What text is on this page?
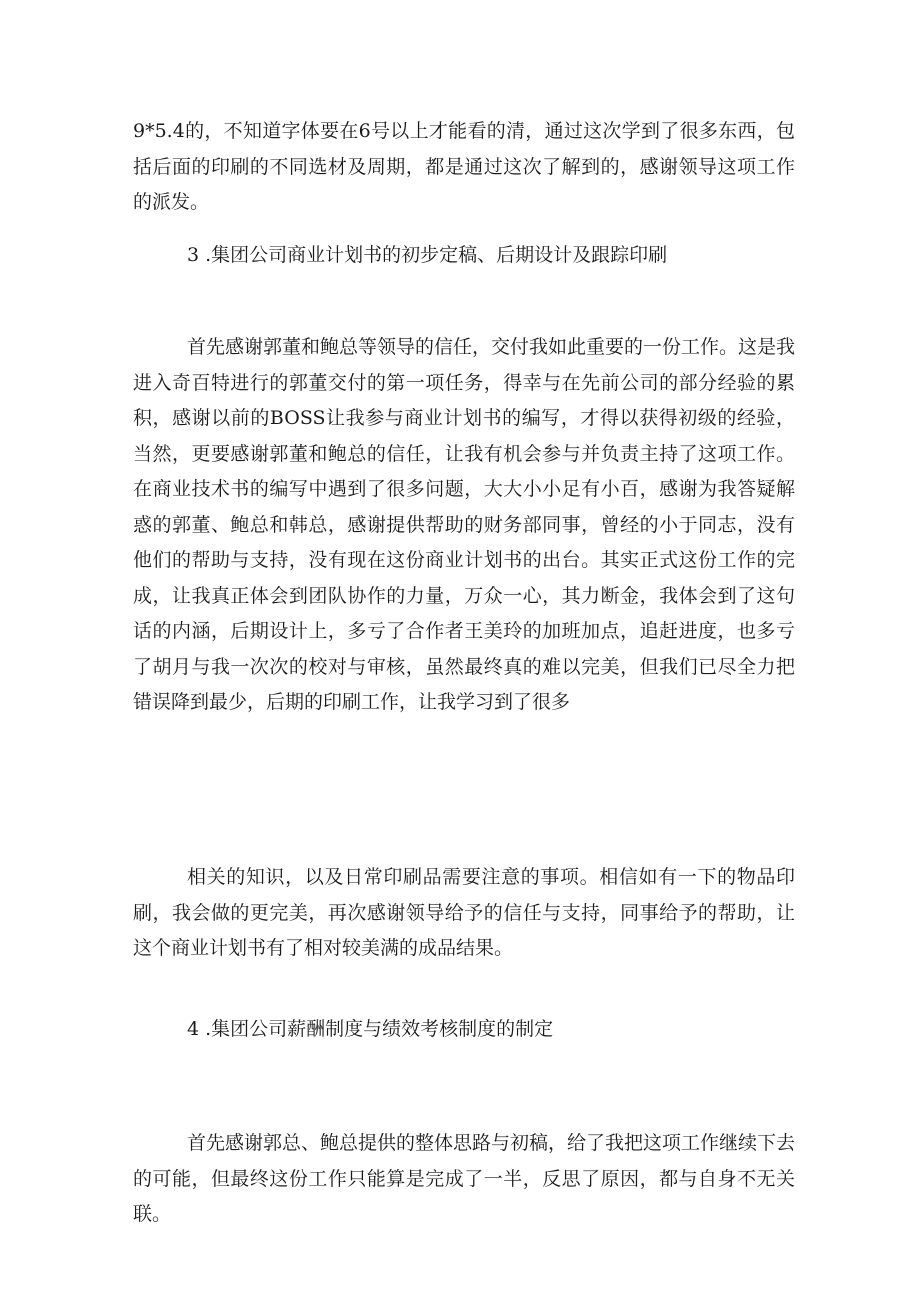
9*5.4的，不知道字体要在6号以上才能看的清，通过这次学到了很多东西，包括后面的印刷的不同选材及周期，都是通过这次了解到的，感谢领导这项工作的派发。

3 .集团公司商业计划书的初步定稿、后期设计及跟踪印刷

首先感谢郭董和鲍总等领导的信任，交付我如此重要的一份工作。这是我进入奇百特进行的郭董交付的第一项任务，得幸与在先前公司的部分经验的累积，感谢以前的BOSS让我参与商业计划书的编写，才得以获得初级的经验，当然，更要感谢郭董和鲍总的信任，让我有机会参与并负责主持了这项工作。在商业技术书的编写中遇到了很多问题，大大小小足有小百，感谢为我答疑解惑的郭董、鲍总和韩总，感谢提供帮助的财务部同事，曾经的小于同志，没有他们的帮助与支持，没有现在这份商业计划书的出台。其实正式这份工作的完成，让我真正体会到团队协作的力量，万众一心，其力断金，我体会到了这句话的内涵，后期设计上，多亏了合作者王美玲的加班加点，追赶进度，也多亏了胡月与我一次次的校对与审核，虽然最终真的难以完美，但我们已尽全力把错误降到最少，后期的印刷工作，让我学习到了很多

相关的知识，以及日常印刷品需要注意的事项。相信如有一下的物品印刷，我会做的更完美，再次感谢领导给予的信任与支持，同事给予的帮助，让这个商业计划书有了相对较美满的成品结果。

4 .集团公司薪酬制度与绩效考核制度的制定

首先感谢郭总、鲍总提供的整体思路与初稿，给了我把这项工作继续下去的可能，但最终这份工作只能算是完成了一半，反思了原因，都与自身不无关联。
